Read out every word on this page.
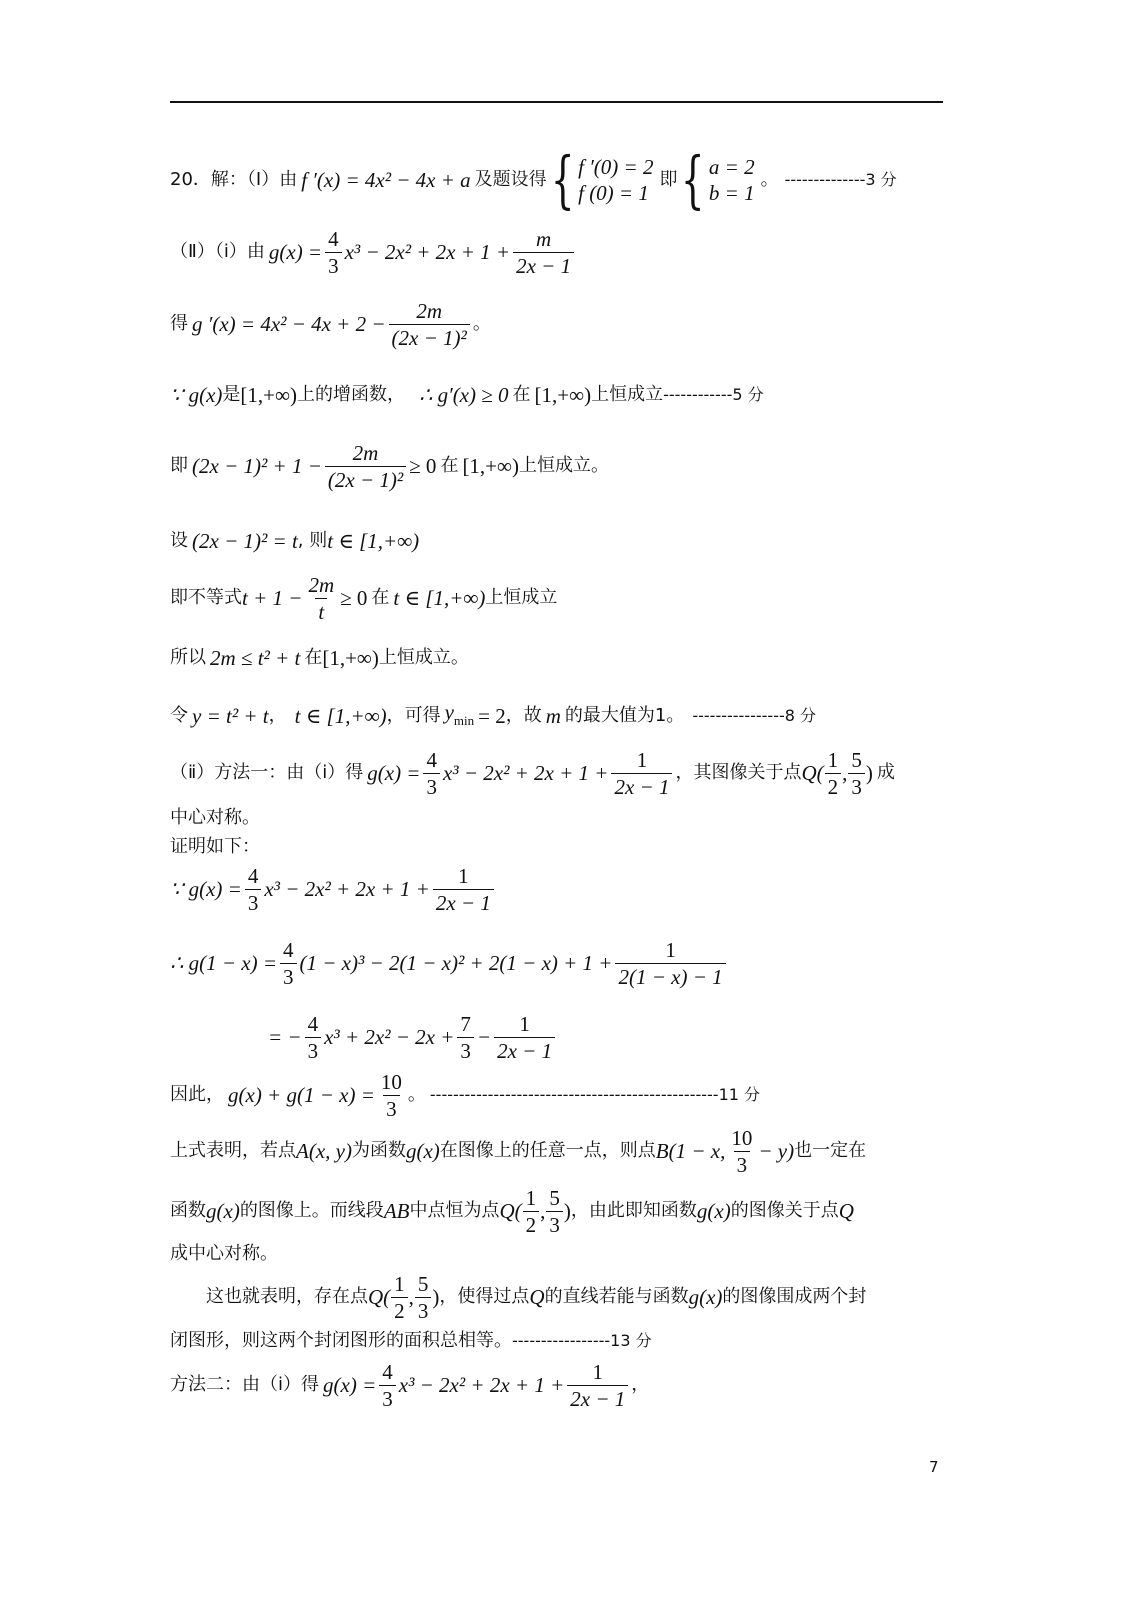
20．解：（Ⅰ）由 f ′(x) = 4x² − 4x + a 及题设得 { f ′(0) = 2
f (0) = 1
即 { a = 2
b = 1
。 --------------3 分
（Ⅱ）（ⅰ）由 $g(x) = \frac{4}{3} x^3 - 2x^2 + 2x + 1 + \frac{m}{2x - 1}$
得 g $'(x) = 4x^2 - 4x + 2 - \frac{2m}{\text{(2x − 1)²}}$ 。
∵ g(x) 是 [1,+∞) 上的增函数， ∴ g′(x) ≥ 0 在 [1,+∞) 上恒成立 ------------5 分
即 $(2x - 1)^2 + 1 - \frac{2m}{\text{(2x − 1)²}} \ge 0$ 在 [1,+∞) 上恒成立。
设 (2x − 1)² = t , 则 t ∈ [1,+∞)
即不等式 $t + 1 - \frac{2m}{t} \ge 0$ 在 t ∈ [1,+∞) 上恒成立
所以 2m ≤ t² + t 在 [1,+∞) 上恒成立。
令 y = t² + t ， t ∈ [1,+∞) ，可得 $y_{min} = 2$ ，故 m 的最大值为1。 ----------------8 分
（ⅱ）方法一：由（ⅰ）得 $g(x) = \frac{4}{3} x^3 - 2x^2 + 2x + 1 + \frac{1}{2x - 1}$ ，其图像关于点 $Q( \frac{1}{2}$ , $\frac{5}{3}$ ) 成
中心对称。
证明如下：
∵ $g(x) = \frac{4}{3} x^3 - 2x^2 + 2x + 1 + \frac{1}{2x - 1}$
∴ $g(1 - x) = \frac{4}{3} (1 - x)^3 - 2(1 - x)^2 + 2(1 - x) + 1 + \frac{1}{2(1 - x) - 1}$
= − $\frac{4}{3} x^3 + 2x^2 - 2x + \frac{7}{3} - \frac{1}{2x - 1}$
因此， $g(x) + g(1 - x) = \frac{10}{3}$ 。 --------------------------------------------------11 分
上式表明，若点 A(x, y) 为函数 g(x) 在图像上的任意一点，则点 B(1 − x, $\frac{10}{3} - y$) 也一定在
函数 g(x) 的图像上。而线段 AB 中点恒为点 $Q( \frac{1}{2}$ , $\frac{5}{3}$ ) ，由此即知函数 g(x) 的图像关于点 Q
成中心对称。
这也就表明，存在点 $Q( \frac{1}{2}$ , $\frac{5}{3}$ ) ，使得过点 Q 的直线若能与函数 g(x) 的图像围成两个封
闭图形，则这两个封闭图形的面积总相等。 -----------------13 分
方法二：由（ⅰ）得 $g(x) = \frac{4}{3} x^3 - 2x^2 + 2x + 1 + \frac{1}{2x - 1}$ ，
7
